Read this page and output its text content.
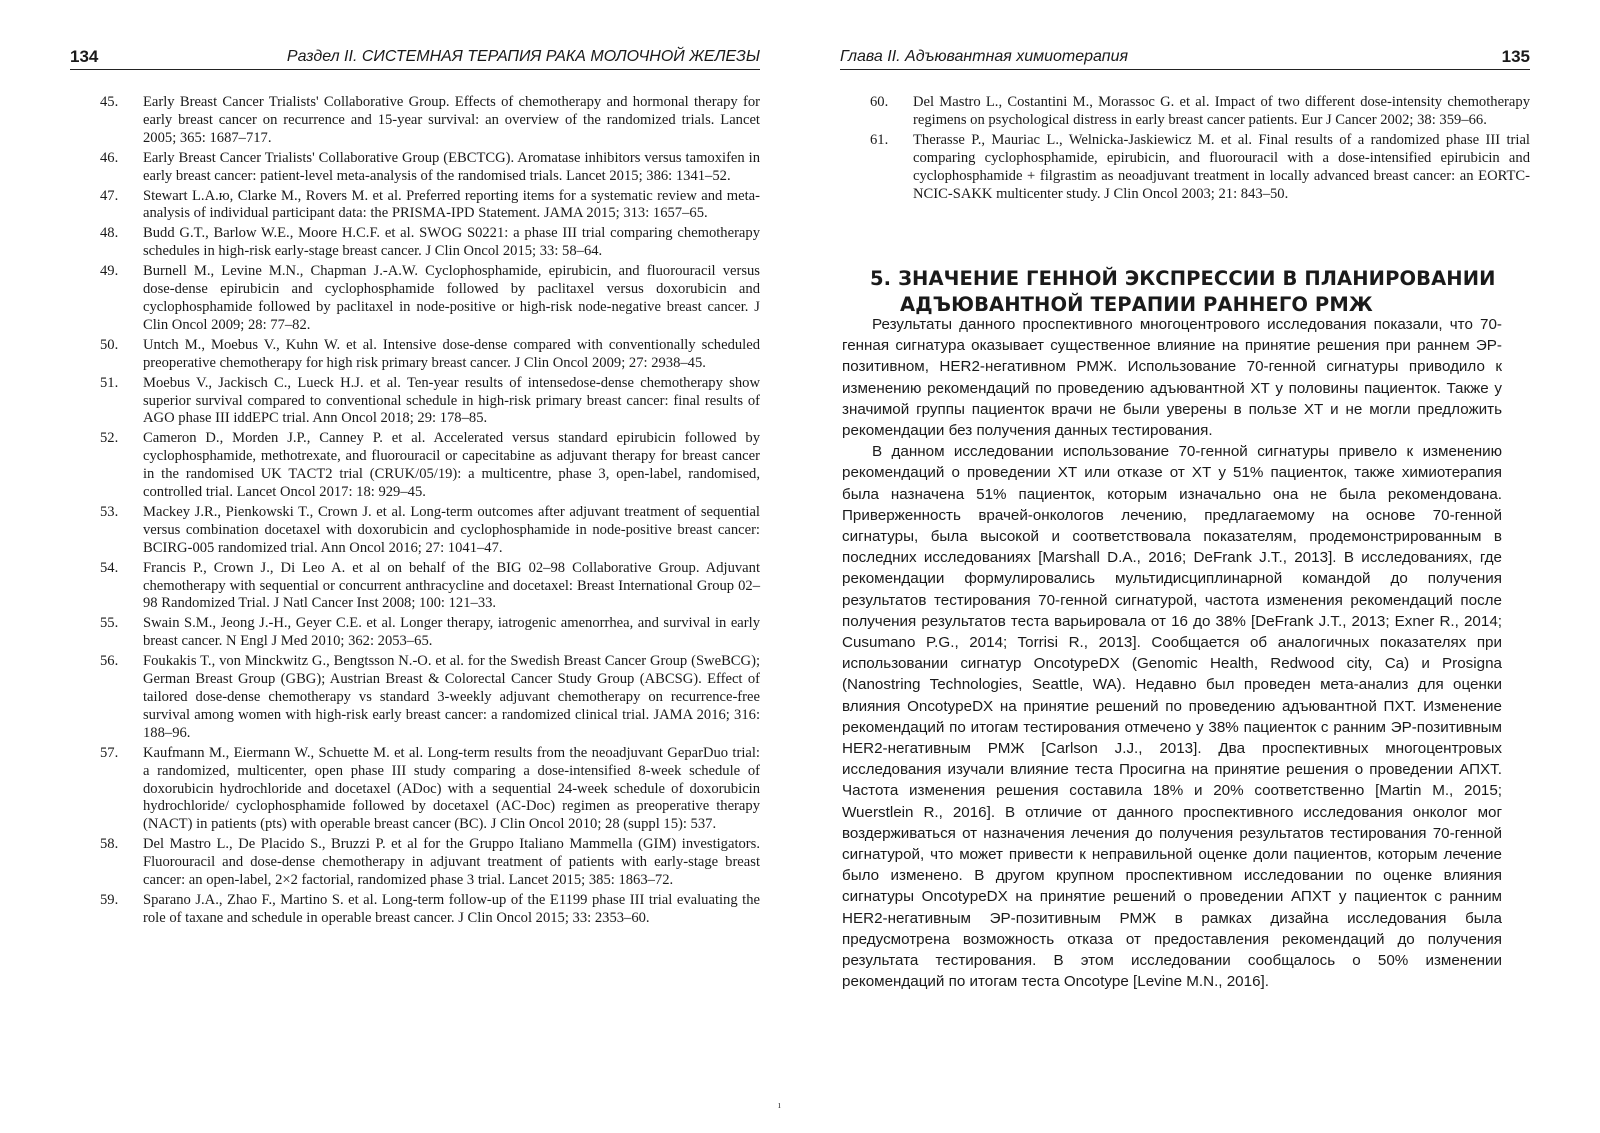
134	Раздел II. СИСТЕМНАЯ ТЕРАПИЯ РАКА МОЛОЧНОЙ ЖЕЛЕЗЫ
45. Early Breast Cancer Trialists' Collaborative Group. Effects of chemotherapy and hormonal therapy for early breast cancer on recurrence and 15-year survival: an overview of the randomized trials. Lancet 2005; 365: 1687–717.
46. Early Breast Cancer Trialists' Collaborative Group (EBCTCG). Aromatase inhibitors versus tamoxifen in early breast cancer: patient-level meta-analysis of the randomised trials. Lancet 2015; 386: 1341–52.
47. Stewart L.A.ю, Clarke M., Rovers M. et al. Preferred reporting items for a systematic review and meta-analysis of individual participant data: the PRISMA-IPD Statement. JAMA 2015; 313: 1657–65.
48. Budd G.T., Barlow W.E., Moore H.C.F. et al. SWOG S0221: a phase III trial comparing chemotherapy schedules in high-risk early-stage breast cancer. J Clin Oncol 2015; 33: 58–64.
49. Burnell M., Levine M.N., Chapman J.-A.W. Cyclophosphamide, epirubicin, and fluorouracil versus dose-dense epirubicin and cyclophosphamide followed by paclitaxel versus doxorubicin and cyclophosphamide followed by paclitaxel in node-positive or high-risk node-negative breast cancer. J Clin Oncol 2009; 28: 77–82.
50. Untch M., Moebus V., Kuhn W. et al. Intensive dose-dense compared with conventionally scheduled preoperative chemotherapy for high risk primary breast cancer. J Clin Oncol 2009; 27: 2938–45.
51. Moebus V., Jackisch C., Lueck H.J. et al. Ten-year results of intensedose-dense chemotherapy show superior survival compared to conventional schedule in high-risk primary breast cancer: final results of AGO phase III iddEPC trial. Ann Oncol 2018; 29: 178–85.
52. Cameron D., Morden J.P., Canney P. et al. Accelerated versus standard epirubicin followed by cyclophosphamide, methotrexate, and fluorouracil or capecitabine as adjuvant therapy for breast cancer in the randomised UK TACT2 trial (CRUK/05/19): a multicentre, phase 3, open-label, randomised, controlled trial. Lancet Oncol 2017: 18: 929–45.
53. Mackey J.R., Pienkowski T., Crown J. et al. Long-term outcomes after adjuvant treatment of sequential versus combination docetaxel with doxorubicin and cyclophosphamide in node-positive breast cancer: BCIRG-005 randomized trial. Ann Oncol 2016; 27: 1041–47.
54. Francis P., Crown J., Di Leo A. et al on behalf of the BIG 02–98 Collaborative Group. Adjuvant chemotherapy with sequential or concurrent anthracycline and docetaxel: Breast International Group 02–98 Randomized Trial. J Natl Cancer Inst 2008; 100: 121–33.
55. Swain S.M., Jeong J.-H., Geyer C.E. et al. Longer therapy, iatrogenic amenorrhea, and survival in early breast cancer. N Engl J Med 2010; 362: 2053–65.
56. Foukakis T., von Minckwitz G., Bengtsson N.-O. et al. for the Swedish Breast Cancer Group (SweBCG); German Breast Group (GBG); Austrian Breast & Colorectal Cancer Study Group (ABCSG). Effect of tailored dose-dense chemotherapy vs standard 3-weekly adjuvant chemotherapy on recurrence-free survival among women with high-risk early breast cancer: a randomized clinical trial. JAMA 2016; 316: 188–96.
57. Kaufmann M., Eiermann W., Schuette M. et al. Long-term results from the neoadjuvant GeparDuo trial: a randomized, multicenter, open phase III study comparing a dose-intensified 8-week schedule of doxorubicin hydrochloride and docetaxel (ADoc) with a sequential 24-week schedule of doxorubicin hydrochloride/ cyclophosphamide followed by docetaxel (AC-Doc) regimen as preoperative therapy (NACT) in patients (pts) with operable breast cancer (BC). J Clin Oncol 2010; 28 (suppl 15): 537.
58. Del Mastro L., De Placido S., Bruzzi P. et al for the Gruppo Italiano Mammella (GIM) investigators. Fluorouracil and dose-dense chemotherapy in adjuvant treatment of patients with early-stage breast cancer: an open-label, 2×2 factorial, randomized phase 3 trial. Lancet 2015; 385: 1863–72.
59. Sparano J.A., Zhao F., Martino S. et al. Long-term follow-up of the E1199 phase III trial evaluating the role of taxane and schedule in operable breast cancer. J Clin Oncol 2015; 33: 2353–60.
Глава II. Адъювантная химиотерапия	135
60. Del Mastro L., Costantini M., Morassoc G. et al. Impact of two different dose-intensity chemotherapy regimens on psychological distress in early breast cancer patients. Eur J Cancer 2002; 38: 359–66.
61. Therasse P., Mauriac L., Welnicka-Jaskiewicz M. et al. Final results of a randomized phase III trial comparing cyclophosphamide, epirubicin, and fluorouracil with a dose-intensified epirubicin and cyclophosphamide + filgrastim as neoadjuvant treatment in locally advanced breast cancer: an EORTC-NCIC-SAKK multicenter study. J Clin Oncol 2003; 21: 843–50.
5. ЗНАЧЕНИЕ ГЕННОЙ ЭКСПРЕССИИ В ПЛАНИРОВАНИИ
АДЪЮВАНТНОЙ ТЕРАПИИ РАННЕГО РМЖ

Результаты данного проспективного многоцентрового исследования показали, что 70-генная сигнатура оказывает существенное влияние на принятие решения при раннем ЭР-позитивном, HER2-негативном РМЖ. Использование 70-генной сигнатуры приводило к изменению рекомендаций по проведению адъювантной ХТ у половины пациенток. Также у значимой группы пациенток врачи не были уверены в пользе ХТ и не могли предложить рекомендации без получения данных тестирования.

В данном исследовании использование 70-генной сигнатуры привело к изменению рекомендаций о проведении ХТ или отказе от ХТ у 51% пациенток, также химиотерапия была назначена 51% пациенток, которым изначально она не была рекомендована. Приверженность врачей-онкологов лечению, предлагаемому на основе 70-генной сигнатуры, была высокой и соответствовала показателям, продемонстрированным в последних исследованиях [Marshall D.A., 2016; DeFrank J.T., 2013]. В исследованиях, где рекомендации формулировались мультидисциплинарной командой до получения результатов тестирования 70-генной сигнатурой, частота изменения рекомендаций после получения результатов теста варьировала от 16 до 38% [DeFrank J.T., 2013; Exner R., 2014; Cusumano P.G., 2014; Torrisi R., 2013]. Сообщается об аналогичных показателях при использовании сигнатур OncotypeDX (Genomic Health, Redwood city, Ca) и Prosigna (Nanostring Technologies, Seattle, WA). Недавно был проведен мета-анализ для оценки влияния OncotypeDX на принятие решений по проведению адъювантной ПХТ. Изменение рекомендаций по итогам тестирования отмечено у 38% пациенток с ранним ЭР-позитивным HER2-негативным РМЖ [Carlson J.J., 2013]. Два проспективных многоцентровых исследования изучали влияние теста Просигна на принятие решения о проведении АПХТ. Частота изменения решения составила 18% и 20% соответственно [Martin M., 2015; Wuerstlein R., 2016]. В отличие от данного проспективного исследования онколог мог воздерживаться от назначения лечения до получения результатов тестирования 70-генной сигнатурой, что может привести к неправильной оценке доли пациентов, которым лечение было изменено. В другом крупном проспективном исследовании по оценке влияния сигнатуры OncotypeDX на принятие решений о проведении АПХТ у пациенток с ранним HER2-негативным ЭР-позитивным РМЖ в рамках дизайна исследования была предусмотрена возможность отказа от предоставления рекомендаций до получения результата тестирования. В этом исследовании сообщалось о 50% изменении рекомендаций по итогам теста Oncotype [Levine M.N., 2016].

ı
